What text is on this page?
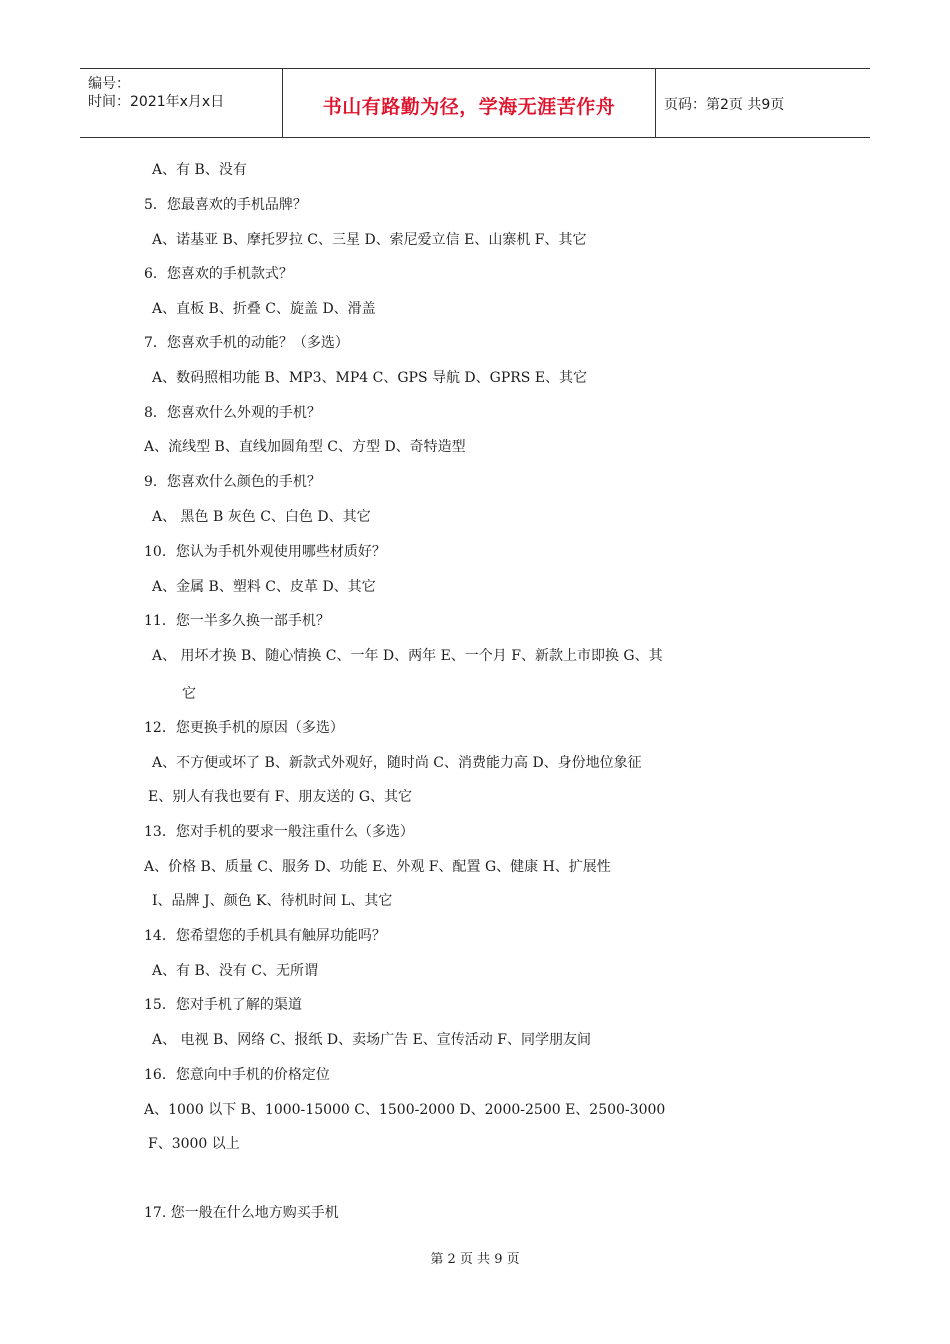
编号：
时间：2021年x月x日	书山有路勤为径，学海无涯苦作舟	页码：第2页 共9页
A、有 B、没有
5．您最喜欢的手机品牌？
A、诺基亚 B、摩托罗拉 C、三星 D、索尼爱立信 E、山寨机 F、其它
6．您喜欢的手机款式？
A、直板 B、折叠 C、旋盖 D、滑盖
7．您喜欢手机的动能？（多选）
A、数码照相功能 B、MP3、MP4 C、GPS 导航 D、GPRS E、其它
8．您喜欢什么外观的手机？
A、流线型 B、直线加圆角型 C、方型 D、奇特造型
9．您喜欢什么颜色的手机？
A、 黑色 B 灰色 C、白色 D、其它
10．您认为手机外观使用哪些材质好？
A、金属 B、塑料 C、皮革 D、其它
11．您一半多久换一部手机？
A、 用坏才换 B、随心情换 C、一年 D、两年 E、一个月 F、新款上市即换 G、其
它
12．您更换手机的原因（多选）
A、不方便或坏了 B、新款式外观好，随时尚 C、消费能力高 D、身份地位象征
E、别人有我也要有 F、朋友送的 G、其它
13．您对手机的要求一般注重什么（多选）
A、价格 B、质量 C、服务 D、功能 E、外观 F、配置 G、健康 H、扩展性
I、品牌 J、颜色 K、待机时间 L、其它
14．您希望您的手机具有触屏功能吗？
A、有 B、没有 C、无所谓
15．您对手机了解的渠道
A、 电视 B、网络 C、报纸 D、卖场广告 E、宣传活动 F、同学朋友间
16．您意向中手机的价格定位
A、1000 以下 B、1000-15000 C、1500-2000 D、2000-2500 E、2500-3000
F、3000 以上
17. 您一般在什么地方购买手机
第 2 页 共 9 页
